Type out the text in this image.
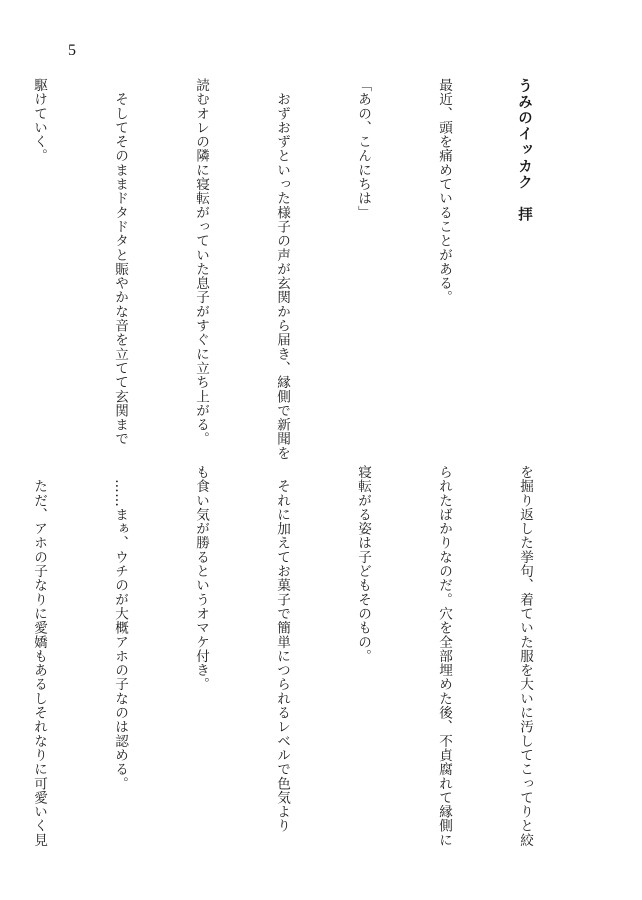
5

うみのイッカク　拝

最近、頭を痛めていることがある。

「あの、こんにちは」

　おずおずといった様子の声が玄関から届き、縁側で新聞を

読むオレの隣に寝転がっていた息子がすぐに立ち上がる。

　そしてそのままドタドタと賑やかな音を立てて玄関まで

駆けていく。

を掘り返した挙句、着ていた服を大いに汚してこってりと絞

られたばかりなのだ。穴を全部埋めた後、不貞腐れて縁側に

寝転がる姿は子どもそのもの。

　それに加えてお菓子で簡単につられるレベルで色気より

も食い気が勝るというオマケ付き。

　……まぁ、ウチのが大概アホの子なのは認める。

　ただ、アホの子なりに愛嬌もあるしそれなりに可愛いく見
